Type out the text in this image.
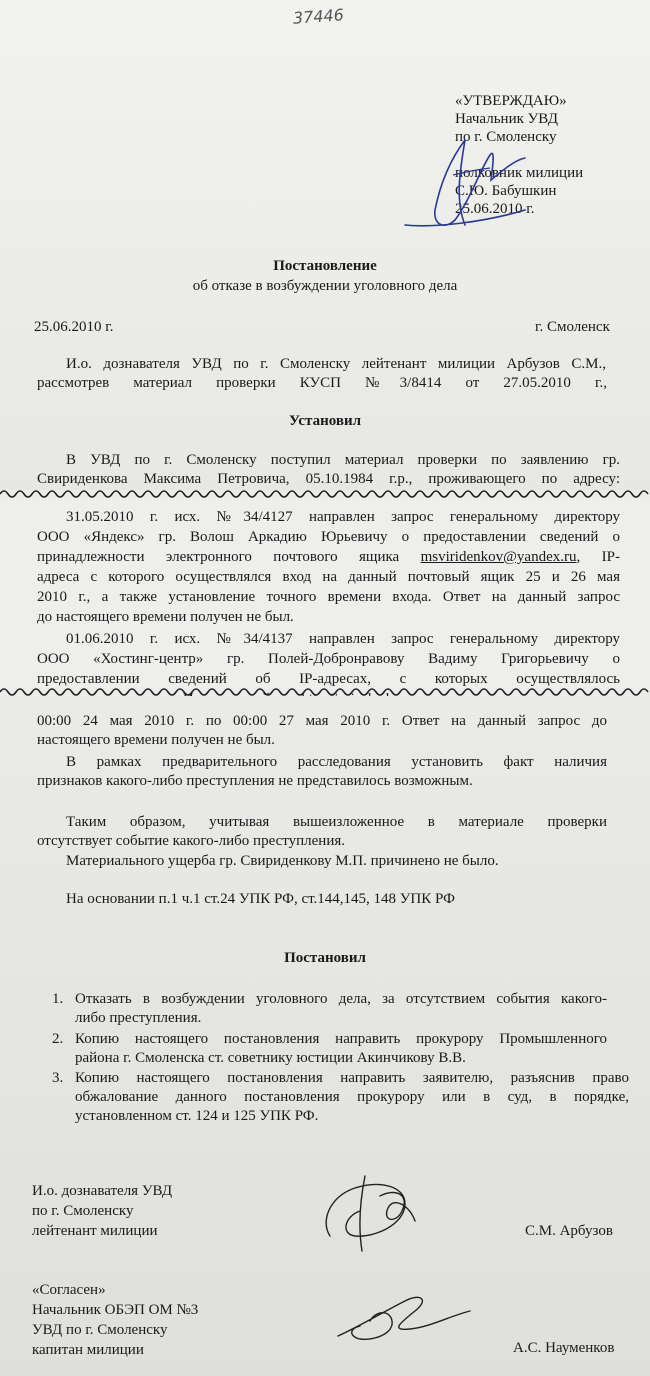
37446
«УТВЕРЖДАЮ»
Начальник УВД
по г. Смоленску
полковник милиции
С.Ю. Бабушкин
25.06.2010 г.
Постановление
об отказе в возбуждении уголовного дела
25.06.2010 г.	г. Смоленск
И.о. дознавателя УВД по г. Смоленску лейтенант милиции Арбузов С.М.,
рассмотрев материал проверки КУСП №3/8414 от 27.05.2010 г.,
Установил
В УВД по г. Смоленску поступил материал проверки по заявлению гр.
Свириденкова Максима Петровича, 05.10.1984 г.р., проживающего по адресу:
31.05.2010 г. исх. №34/4127 направлен запрос генеральному директору
ООО «Яндекс» гр. Волош Аркадию Юрьевичу о предоставлении сведений о
принадлежности электронного почтового ящика msviridenkov@yandex.ru, IP-
адреса с которого осуществлялся вход на данный почтовый ящик 25 и 26 мая
2010 г., а также установление точного времени входа. Ответ на данный запрос
до настоящего времени получен не был.
01.06.2010 г. исх. №34/4137 направлен запрос генеральному директору
ООО «Хостинг-центр» гр. Полей-Добронравову Вадиму Григорьевичу о
предоставлении сведений об IP-адресах, с которых осуществлялось
00:00 24 мая 2010 г. по 00:00 27 мая 2010 г. Ответ на данный запрос до
настоящего времени получен не был.
В рамках предварительного расследования установить факт наличия
признаков какого-либо преступления не представилось возможным.
Таким образом, учитывая вышеизложенное в материале проверки
отсутствует событие какого-либо преступления.
Материального ущерба гр. Свириденкову М.П. причинено не было.
На основании п.1 ч.1 ст.24 УПК РФ, ст.144,145, 148 УПК РФ
Постановил
1. Отказать в возбуждении уголовного дела, за отсутствием события какого-
либо преступления.
2. Копию настоящего постановления направить прокурору Промышленного
района г. Смоленска ст. советнику юстиции Акинчикову В.В.
3. Копию настоящего постановления направить заявителю, разъяснив право
обжалование данного постановления прокурору или в суд, в порядке,
установленном ст. 124 и 125 УПК РФ.
И.о. дознавателя УВД
по г. Смоленску
лейтенант милиции	С.М. Арбузов
«Согласен»
Начальник ОБЭП ОМ №3
УВД по г. Смоленску
капитан милиции	А.С. Науменков
